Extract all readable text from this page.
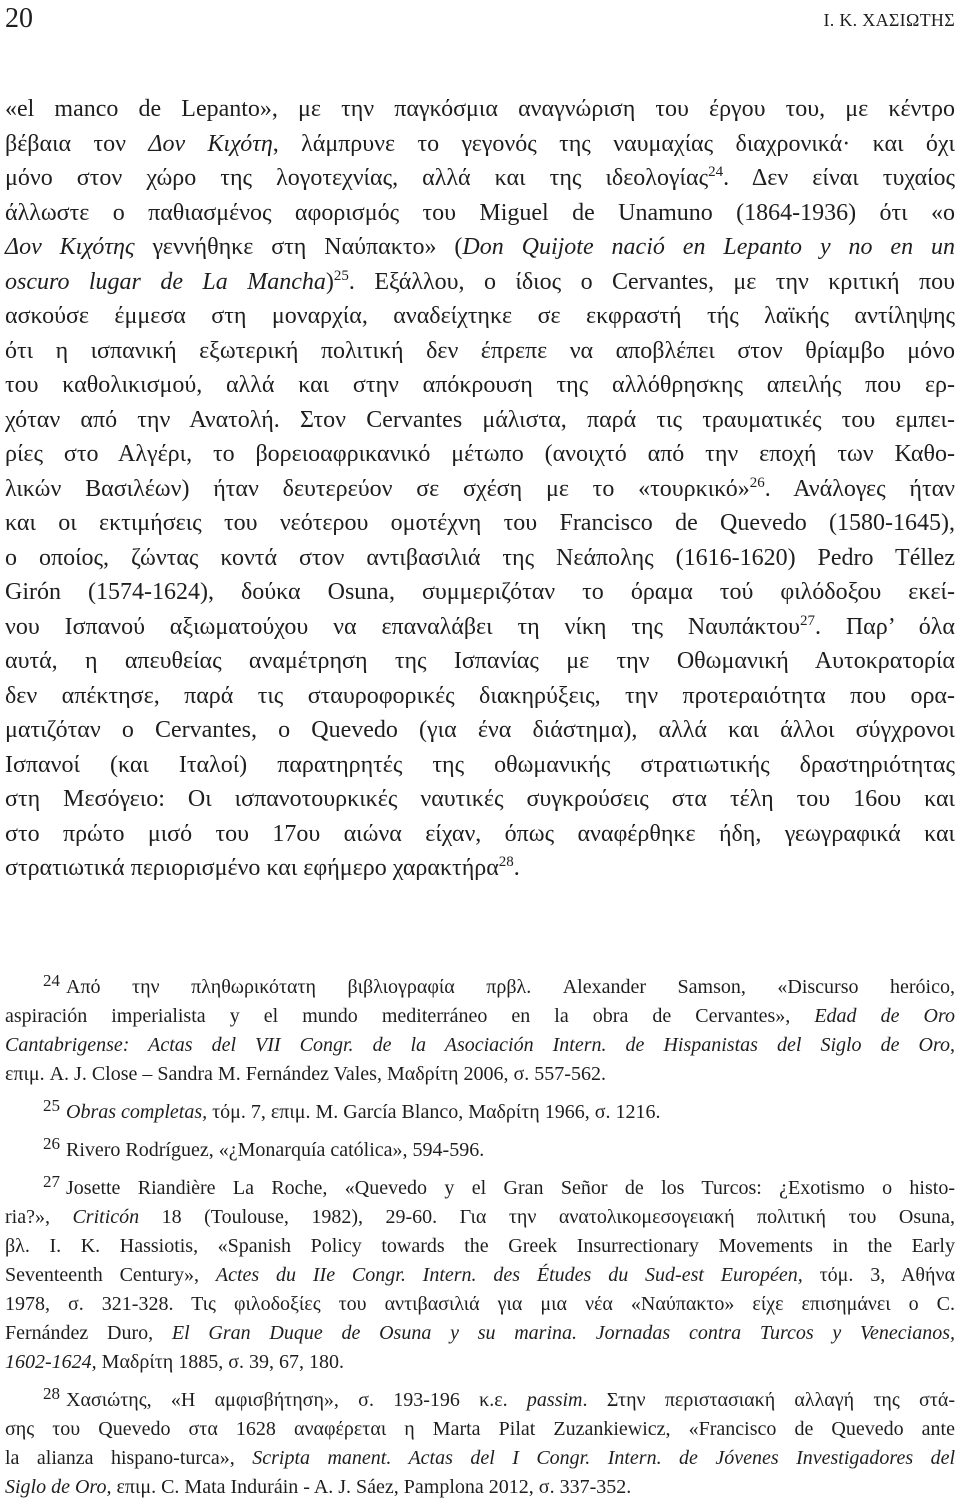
20	Ι. Κ. ΧΑΣΙΩΤΗΣ
«el manco de Lepanto», με την παγκόσμια αναγνώριση του έργου του, με κέντρο
βέβαια τον Δον Κιχότη, λάμπρυνε το γεγονός της ναυμαχίας διαχρονικά· και όχι
μόνο στον χώρο της λογοτεχνίας, αλλά και της ιδεολογίας$^{24}$. Δεν είναι τυχαίος
άλλωστε ο παθιασμένος αφορισμός του Miguel de Unamuno (1864-1936) ότι «ο
Δον Κιχότης γεννήθηκε στη Ναύπακτο» (Don Quijote nació en Lepanto y no en un
oscuro lugar de La Mancha)$^{25}$. Εξάλλου, ο ίδιος ο Cervantes, με την κριτική που
ασκούσε έμμεσα στη μοναρχία, αναδείχτηκε σε εκφραστή τής λαϊκής αντίληψης
ότι η ισπανική εξωτερική πολιτική δεν έπρεπε να αποβλέπει στον θρίαμβο μόνο
του καθολικισμού, αλλά και στην απόκρουση της αλλόθρησκης απειλής που ερ-
χόταν από την Ανατολή. Στον Cervantes μάλιστα, παρά τις τραυματικές του εμπει-
ρίες στο Αλγέρι, το βορειοαφρικανικό μέτωπο (ανοιχτό από την εποχή των Καθο-
λικών Βασιλέων) ήταν δευτερεύον σε σχέση με το «τουρκικό»$^{26}$. Ανάλογες ήταν
και οι εκτιμήσεις του νεότερου ομοτέχνη του Francisco de Quevedo (1580-1645),
ο οποίος, ζώντας κοντά στον αντιβασιλιά της Νεάπολης (1616-1620) Pedro Téllez
Girón (1574-1624), δούκα Osuna, συμμεριζόταν το όραμα τού φιλόδοξου εκεί-
νου Ισπανού αξιωματούχου να επαναλάβει τη νίκη της Ναυπάκτου$^{27}$. Παρ’ όλα
αυτά, η απευθείας αναμέτρηση της Ισπανίας με την Οθωμανική Αυτοκρατορία
δεν απέκτησε, παρά τις σταυροφορικές διακηρύξεις, την προτεραιότητα που ορα-
ματιζόταν ο Cervantes, ο Quevedo (για ένα διάστημα), αλλά και άλλοι σύγχρονοι
Ισπανοί (και Ιταλοί) παρατηρητές της οθωμανικής στρατιωτικής δραστηριότητας
στη Μεσόγειο: Οι ισπανοτουρκικές ναυτικές συγκρούσεις στα τέλη του 16ου και
στο πρώτο μισό του 17ου αιώνα είχαν, όπως αναφέρθηκε ήδη, γεωγραφικά και
στρατιωτικά περιορισμένο και εφήμερο χαρακτήρα$^{28}$.
$^{24}$ Από την πληθωρικότατη βιβλιογραφία πρβλ. Alexander Samson, «Discurso heróico,
aspiración imperialista y el mundo mediterráneo en la obra de Cervantes», Edad de Oro
Cantabrigense: Actas del VII Congr. de la Asociación Intern. de Hispanistas del Siglo de Oro,
επιμ. A. J. Close – Sandra M. Fernández Vales, Μαδρίτη 2006, σ. 557-562.
$^{25}$ Obras completas, τόμ. 7, επιμ. M. García Blanco, Μαδρίτη 1966, σ. 1216.
$^{26}$ Rivero Rodríguez, «¿Monarquía católica», 594-596.
$^{27}$ Josette Riandière La Roche, «Quevedo y el Gran Señor de los Turcos: ¿Exotismo o histo-
ria?», Criticón 18 (Toulouse, 1982), 29-60. Για την ανατολικομεσογειακή πολιτική του Osuna,
βλ. I. K. Hassiotis, «Spanish Policy towards the Greek Insurrectionary Movements in the Early
Seventeenth Century», Actes du IIe Congr. Intern. des Études du Sud-est Européen, τόμ. 3, Αθήνα
1978, σ. 321-328. Τις φιλοδοξίες του αντιβασιλιά για μια νέα «Ναύπακτο» είχε επισημάνει ο C.
Fernández Duro, El Gran Duque de Osuna y su marina. Jornadas contra Turcos y Venecianos,
1602-1624, Μαδρίτη 1885, σ. 39, 67, 180.
$^{28}$ Χασιώτης, «Η αμφισβήτηση», σ. 193-196 κ.ε. passim. Στην περιστασιακή αλλαγή της στά-
σης του Quevedo στα 1628 αναφέρεται η Marta Pilat Zuzankiewicz, «Francisco de Quevedo ante
la alianza hispano-turca», Scripta manent. Actas del I Congr. Intern. de Jóvenes Investigadores del
Siglo de Oro, επιμ. C. Mata Induráin - A. J. Sáez, Pamplona 2012, σ. 337-352.
